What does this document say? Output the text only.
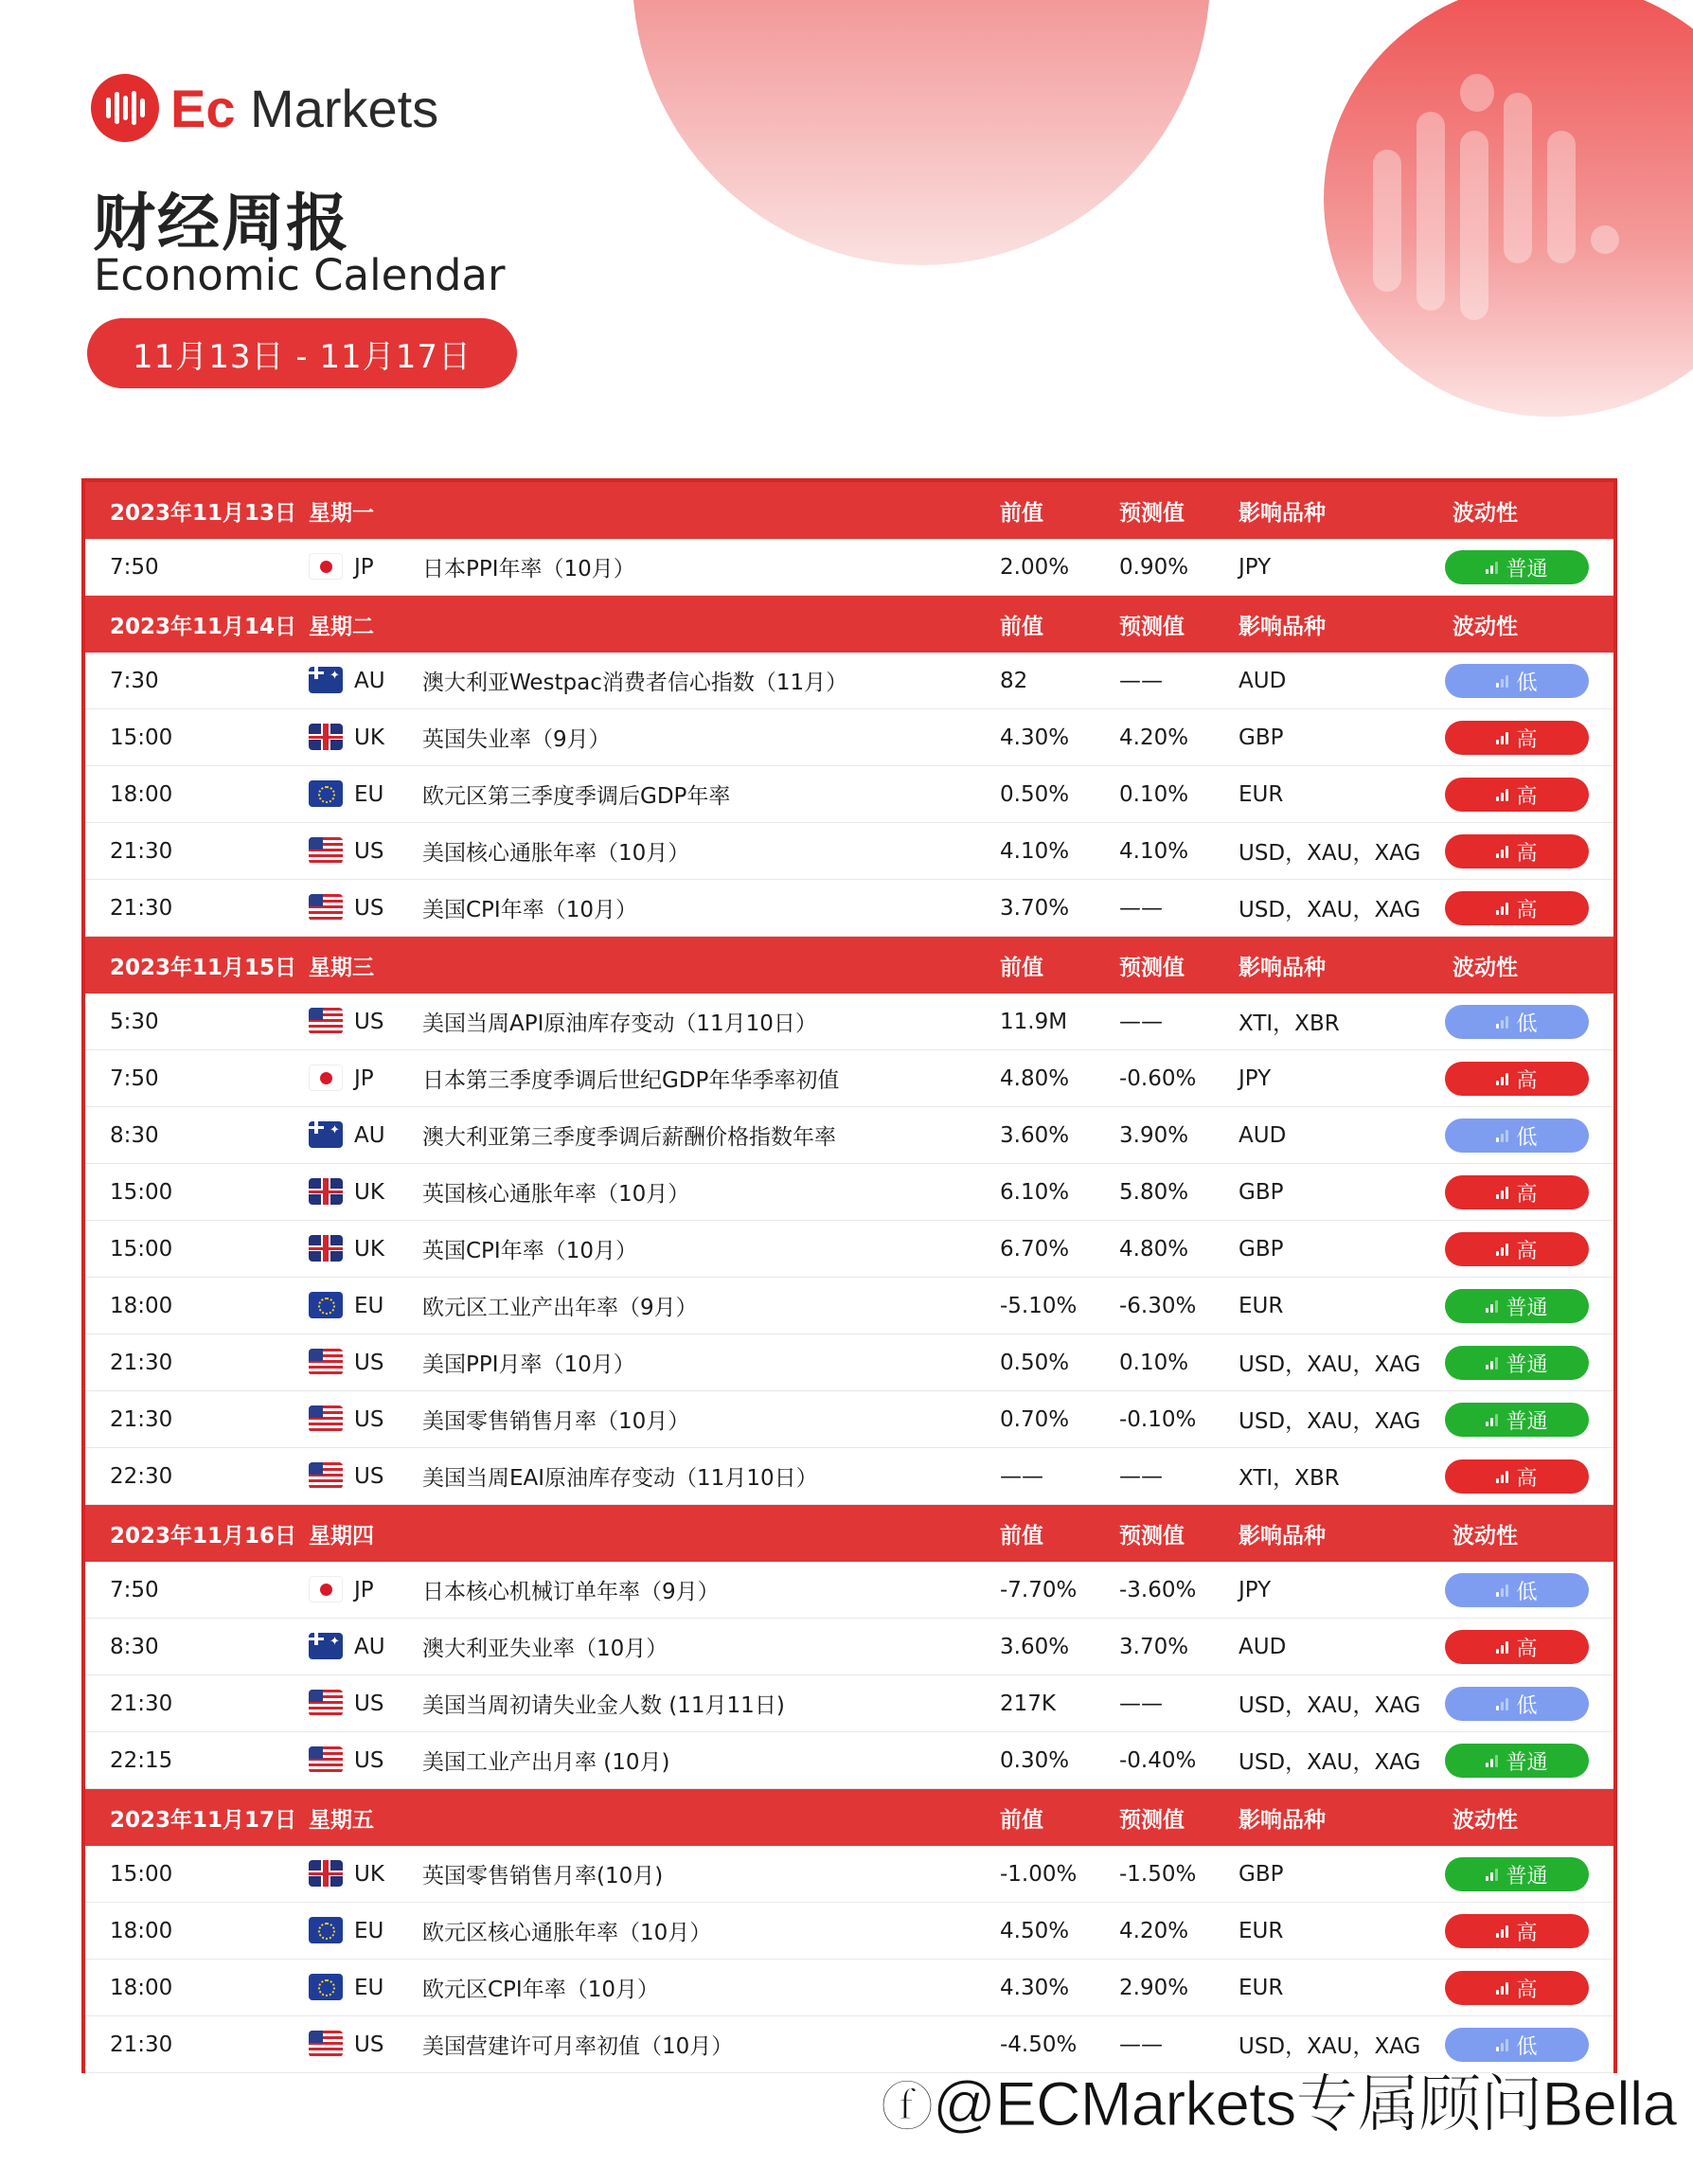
Ec Markets
财经周报
Economic Calendar
11月13日 - 11月17日
2023年11月13日 星期一	前值	预测值 影响品种	波动性
7:50	JP 日本PPI年率（10月）	2.00% 0.90% JPY	普通
2023年11月14日 星期二	前值	预测值 影响品种	波动性
7:30 ✦	AU 澳大利亚Westpac消费者信心指数（11月）	82	——	AUD	低
15:00	UK 英国失业率（9月）	4.30% 4.20% GBP	高
18:00	EU 欧元区第三季度季调后GDP年率	0.50% 0.10% EUR	高
21:30	US 美国核心通胀年率（10月）	4.10% 4.10% USD，XAU，XAG	高
21:30	US 美国CPI年率（10月）	3.70% ——	USD，XAU，XAG	高
2023年11月15日 星期三	前值	预测值 影响品种	波动性
5:30	US 美国当周API原油库存变动（11月10日）	11.9M ——	XTI，XBR	低
7:50	JP 日本第三季度季调后世纪GDP年华季率初值	4.80% -0.60% JPY	高
8:30 ✦	AU 澳大利亚第三季度季调后薪酬价格指数年率	3.60% 3.90% AUD	低
15:00	UK 英国核心通胀年率（10月）	6.10% 5.80% GBP	高
15:00	UK 英国CPI年率（10月）	6.70% 4.80% GBP	高
18:00	EU 欧元区工业产出年率（9月）	-5.10% -6.30% EUR	普通
21:30	US 美国PPI月率（10月）	0.50% 0.10% USD，XAU，XAG	普通
21:30	US 美国零售销售月率（10月）	0.70% -0.10% USD，XAU，XAG	普通
22:30	US 美国当周EAI原油库存变动（11月10日）	——	——	XTI，XBR	高
2023年11月16日 星期四	前值	预测值 影响品种	波动性
7:50	JP 日本核心机械订单年率（9月）	-7.70% -3.60% JPY	低
8:30 ✦	AU 澳大利亚失业率（10月）	3.60% 3.70% AUD	高
21:30	US 美国当周初请失业金人数 (11月11日)	217K	——	USD，XAU，XAG	低
22:15	US 美国工业产出月率 (10月)	0.30% -0.40% USD，XAU，XAG	普通
2023年11月17日 星期五	前值	预测值 影响品种	波动性
15:00	UK 英国零售销售月率(10月)	-1.00% -1.50% GBP	普通
18:00	EU 欧元区核心通胀年率（10月）	4.50% 4.20% EUR	高
18:00	EU 欧元区CPI年率（10月）	4.30% 2.90% EUR	高
21:30	US 美国营建许可月率初值（10月）	-4.50% ——	USD，XAU，XAG	低
ⓕ@ECMarkets专属顾问Bella
